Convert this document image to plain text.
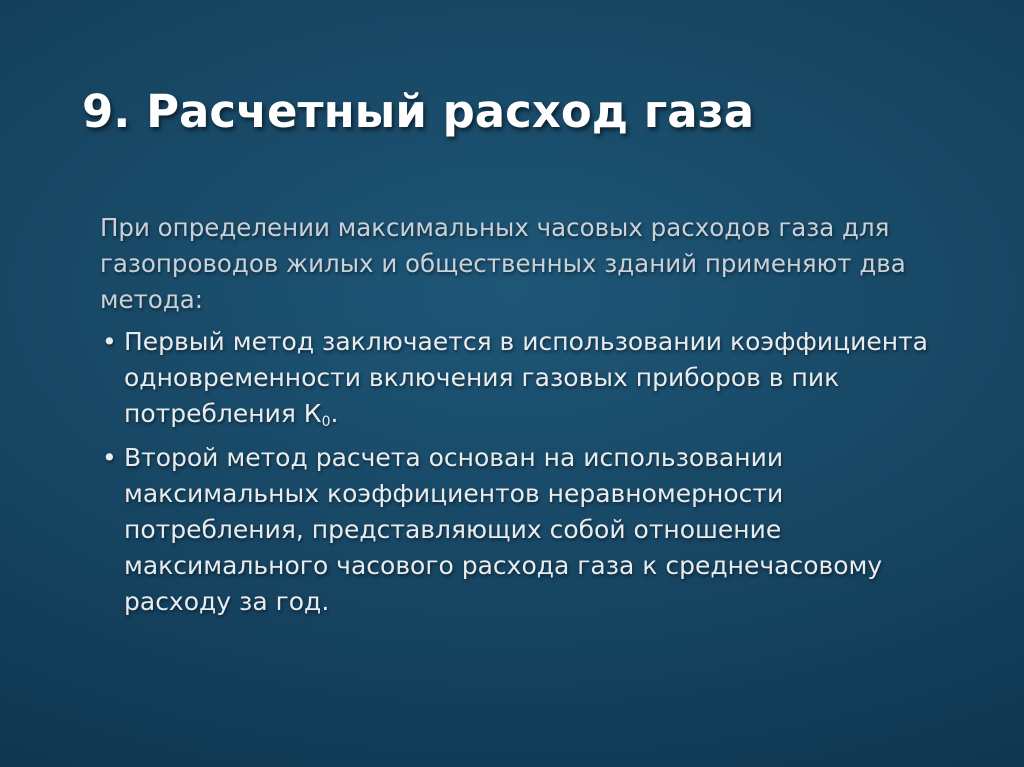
9. Расчетный расход газа

При определении максимальных часовых расходов газа для газопроводов жилых и общественных зданий применяют два метода:

• Первый метод заключается в использовании коэффициента одновременности включения газовых приборов в пик потребления $К_0$.
• Второй метод расчета основан на использовании максимальных коэффициентов неравномерности потребления, представляющих собой отношение максимального часового расхода газа к среднечасовому расходу за год.
